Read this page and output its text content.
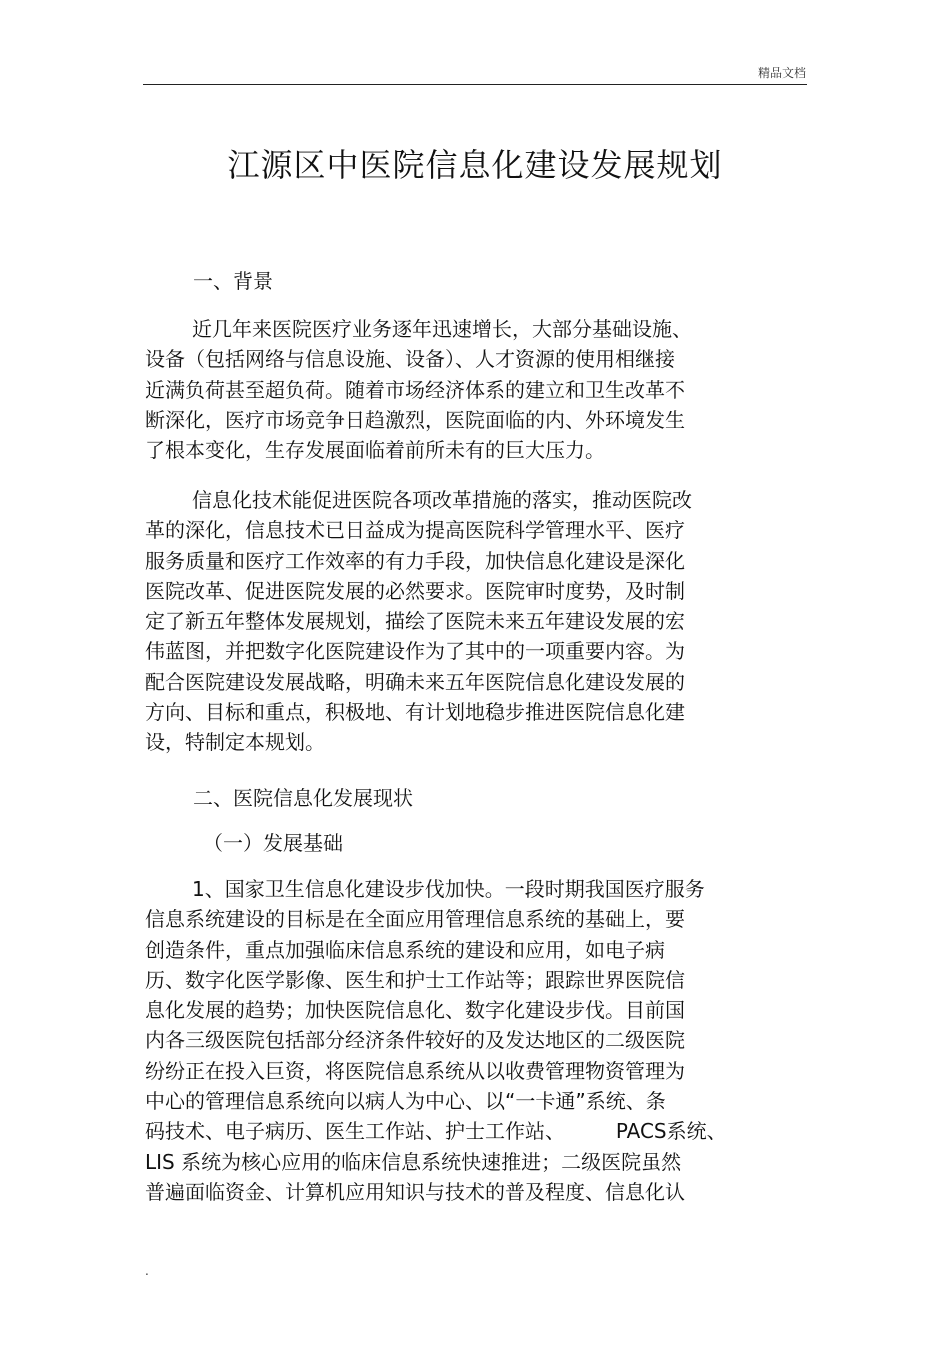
精品文档
江源区中医院信息化建设发展规划
一、背景
近几年来医院医疗业务逐年迅速增长，大部分基础设施、
设备（包括网络与信息设施、设备）、人才资源的使用相继接
近满负荷甚至超负荷。随着市场经济体系的建立和卫生改革不
断深化，医疗市场竞争日趋激烈，医院面临的内、外环境发生
了根本变化，生存发展面临着前所未有的巨大压力。
信息化技术能促进医院各项改革措施的落实，推动医院改
革的深化，信息技术已日益成为提高医院科学管理水平、医疗
服务质量和医疗工作效率的有力手段，加快信息化建设是深化
医院改革、促进医院发展的必然要求。医院审时度势，及时制
定了新五年整体发展规划，描绘了医院未来五年建设发展的宏
伟蓝图，并把数字化医院建设作为了其中的一项重要内容。为
配合医院建设发展战略，明确未来五年医院信息化建设发展的
方向、目标和重点，积极地、有计划地稳步推进医院信息化建
设，特制定本规划。
二、医院信息化发展现状
（一）发展基础
1、国家卫生信息化建设步伐加快。一段时期我国医疗服务
信息系统建设的目标是在全面应用管理信息系统的基础上，要
创造条件，重点加强临床信息系统的建设和应用，如电子病
历、数字化医学影像、医生和护士工作站等；跟踪世界医院信
息化发展的趋势；加快医院信息化、数字化建设步伐。目前国
内各三级医院包括部分经济条件较好的及发达地区的二级医院
纷纷正在投入巨资，将医院信息系统从以收费管理物资管理为
中心的管理信息系统向以病人为中心、以“一卡通”系统、条
码技术、电子病历、医生工作站、护士工作站、        PACS系统、
LIS 系统为核心应用的临床信息系统快速推进；二级医院虽然
普遍面临资金、计算机应用知识与技术的普及程度、信息化认
.
